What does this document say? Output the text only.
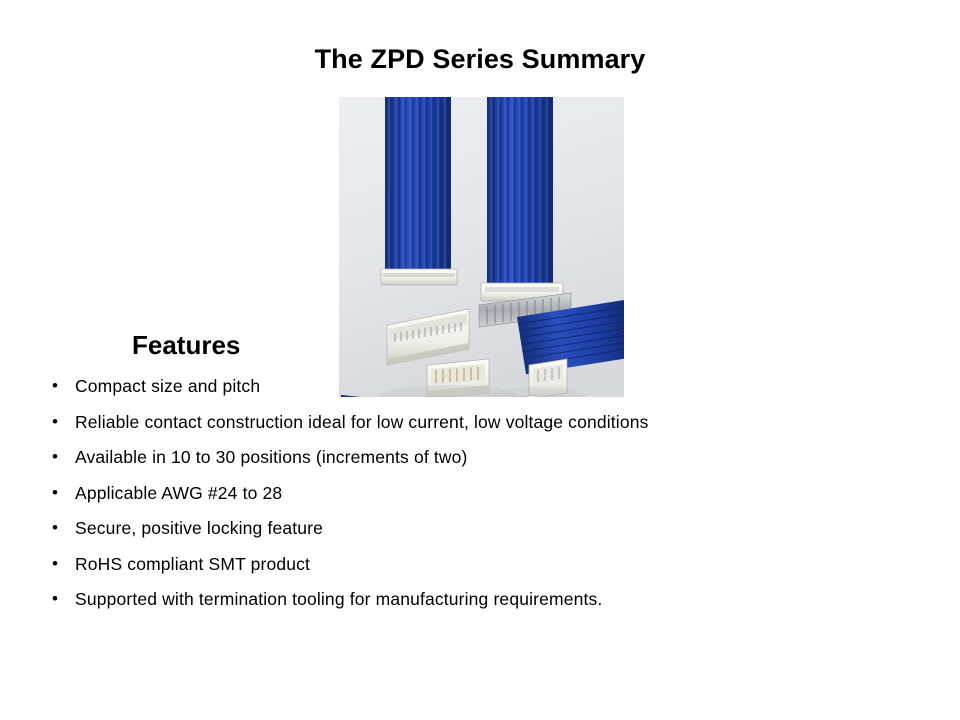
The ZPD Series Summary
Features
• Compact size and pitch
• Reliable contact construction ideal for low current, low voltage conditions
• Available in 10 to 30 positions (increments of two)
• Applicable AWG #24 to 28
• Secure, positive locking feature
• RoHS compliant SMT product
• Supported with termination tooling for manufacturing requirements.
